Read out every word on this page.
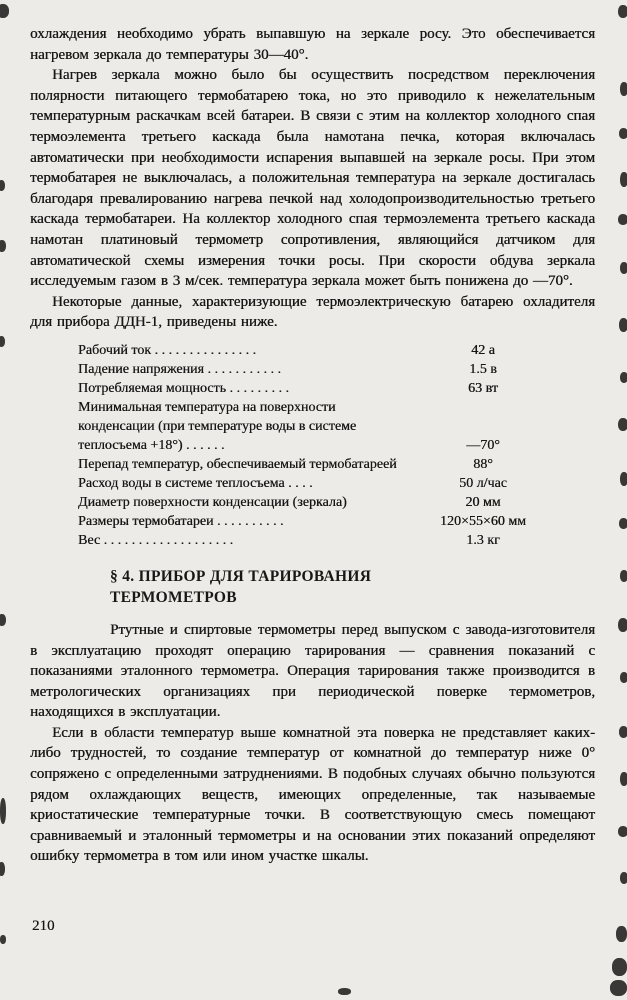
охлаждения необходимо убрать выпавшую на зеркале росу. Это обеспечивается нагревом зеркала до температуры 30—40°.

Нагрев зеркала можно было бы осуществить посредством переключения полярности питающего термобатарею тока, но это приводило к нежелательным температурным раскачкам всей батареи. В связи с этим на коллектор холодного спая термоэлемента третьего каскада была намотана печка, которая включалась автоматически при необходимости испарения выпавшей на зеркале росы. При этом термобатарея не выключалась, а положительная температура на зеркале достигалась благодаря превалированию нагрева печкой над холодопроизводительностью третьего каскада термобатареи. На коллектор холодного спая термоэлемента третьего каскада намотан платиновый термометр сопротивления, являющийся датчиком для автоматической схемы измерения точки росы. При скорости обдува зеркала исследуемым газом в 3 м/сек. температура зеркала может быть понижена до —70°.

Некоторые данные, характеризующие термоэлектрическую батарею охладителя для прибора ДДН-1, приведены ниже.

Рабочий ток . . . . . . . . . . . . . . .	42 а
Падение напряжения . . . . . . . . . . .	1.5 в
Потребляемая мощность . . . . . . . . .	63 вт
Минимальная температура на поверхности конденсации (при температуре воды в системе теплосъема +18°) . . . . . .	—70°
Перепад температур, обеспечиваемый термобатареей	88°
Расход воды в системе теплосъема . . . .	50 л/час
Диаметр поверхности конденсации (зеркала)	20 мм
Размеры термобатареи . . . . . . . . . .	120×55×60 мм
Вес . . . . . . . . . . . . . . . . . . .	1.3 кг
§ 4. ПРИБОР ДЛЯ ТАРИРОВАНИЯ ТЕРМОМЕТРОВ

Ртутные и спиртовые термометры перед выпуском с завода-изготовителя в эксплуатацию проходят операцию тарирования — сравнения показаний с показаниями эталонного термометра. Операция тарирования также производится в метрологических организациях при периодической поверке термометров, находящихся в эксплуатации.

Если в области температур выше комнатной эта поверка не представляет каких-либо трудностей, то создание температур от комнатной до температур ниже 0° сопряжено с определенными затруднениями. В подобных случаях обычно пользуются рядом охлаждающих веществ, имеющих определенные, так называемые криостатические температурные точки. В соответствующую смесь помещают сравниваемый и эталонный термометры и на основании этих показаний определяют ошибку термометра в том или ином участке шкалы.

210
